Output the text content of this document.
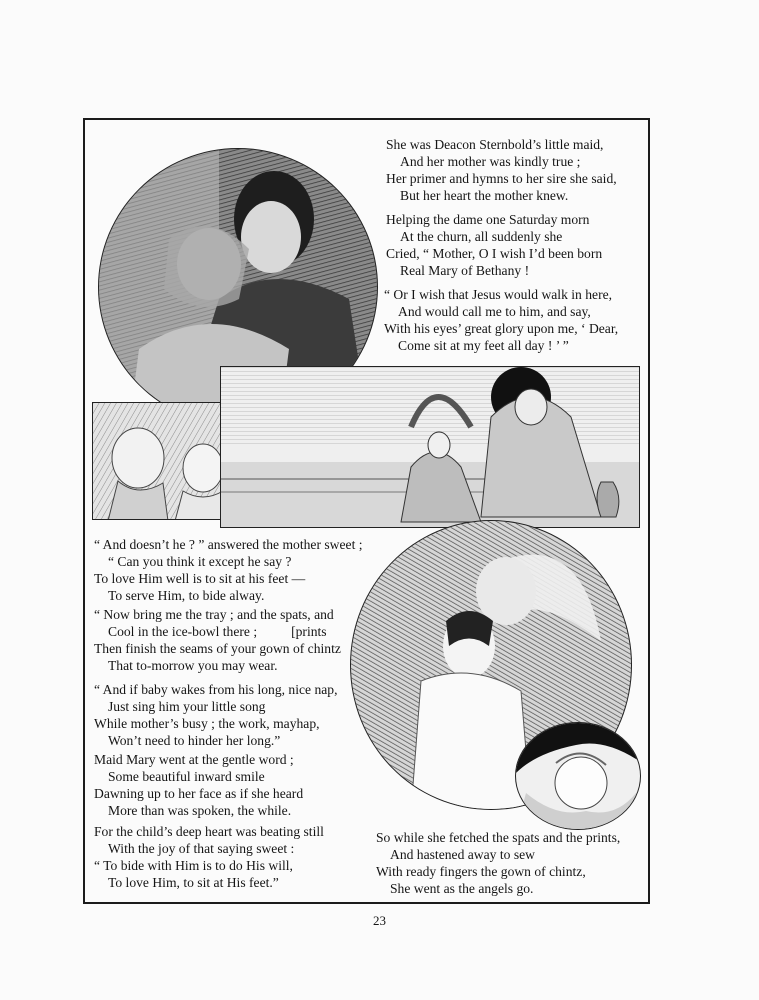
She was Deacon Sternbold’s little maid,
And her mother was kindly true ;
Her primer and hymns to her sire she said,
But her heart the mother knew.
Helping the dame one Saturday morn
At the churn, all suddenly she
Cried, “ Mother, O I wish I’d been born
Real Mary of Bethany !
“ Or I wish that Jesus would walk in here,
And would call me to him, and say,
With his eyes’ great glory upon me, ‘ Dear,
Come sit at my feet all day ! ’ ”
“ And doesn’t he ? ” answered the mother sweet ;
“ Can you think it except he say ?
To love Him well is to sit at his feet —
To serve Him, to bide alway.
“ Now bring me the tray ; and the spats, and
Cool in the ice-bowl there ;          [prints
Then finish the seams of your gown of chintz
That to-morrow you may wear.
“ And if baby wakes from his long, nice nap,
Just sing him your little song
While mother’s busy ; the work, mayhap,
Won’t need to hinder her long.”
Maid Mary went at the gentle word ;
Some beautiful inward smile
Dawning up to her face as if she heard
More than was spoken, the while.
For the child’s deep heart was beating still
With the joy of that saying sweet :
“ To bide with Him is to do His will,
To love Him, to sit at His feet.”
So while she fetched the spats and the prints,
And hastened away to sew
With ready fingers the gown of chintz,
She went as the angels go.
23
